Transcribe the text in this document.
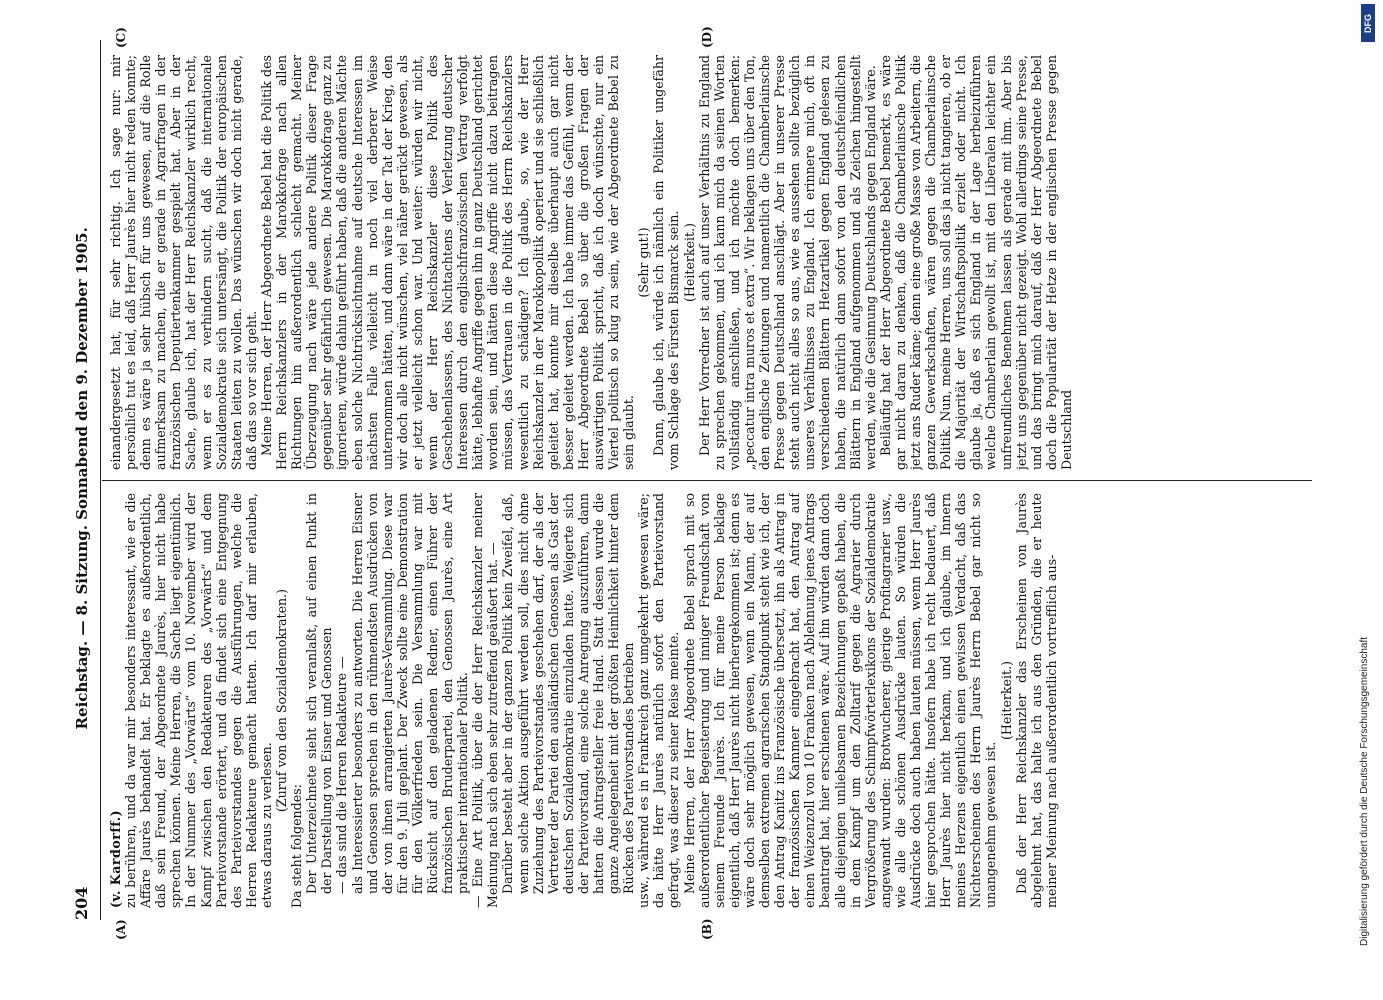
204
Reichstag. — 8. Sitzung. Sonnabend den 9. Dezember 1905.
(A)	(B)
(C)	(D)

(v. Kardorff.) zu berühren, und da war mir besonders interessant, wie er die Affäre Jaurès behandelt hat. Er beklagte es außerordentlich, daß sein Freund, der Abgeordnete Jaurès, hier nicht habe sprechen können. Meine Herren, die Sache liegt eigentümlich. In der Nummer des „Vorwärts“ vom 10. November wird der Kampf zwischen den Redakteuren des „Vorwärts“ und dem Parteivorstande erörtert, und da findet sich eine Entgegnung des Parteivorstandes gegen die Ausführungen, welche die Herren Redakteure gemacht hatten. Ich darf mir erlauben, etwas daraus zu verlesen.

(Zuruf von den Sozialdemokraten.)

Da steht folgendes: Der Unterzeichnete sieht sich veranlaßt, auf einen Punkt in der Darstellung von Eisner und Genossen — das sind die Herren Redakteure — als Interessierter besonders zu antworten. Die Herren Eisner und Genossen sprechen in den rühmendsten Ausdrücken von der von ihnen arrangierten Jaurès-Versammlung. Diese war für den 9. Juli geplant. Der Zweck sollte eine Demonstration für den Völkerfrieden sein. Die Versammlung war mit Rücksicht auf den geladenen Redner, einen Führer der französischen Bruderpartei, den Genossen Jaurès, eine Art praktischer internationaler Politik. — Eine Art Politik, über die der Herr Reichskanzler meiner Meinung nach sich eben sehr zutreffend geäußert hat. — Darüber besteht aber in der ganzen Politik kein Zweifel, daß, wenn solche Aktion ausgeführt werden soll, dies nicht ohne Zuziehung des Parteivorstandes geschehen darf, der als der Vertreter der Partei den ausländischen Genossen als Gast der deutschen Sozialdemokratie einzuladen hatte. Weigerte sich der Parteivorstand, eine solche Anregung auszuführen, dann hatten die Antragsteller freie Hand. Statt dessen wurde die ganze Angelegenheit mit der größten Heimlichkeit hinter dem Rücken des Parteivorstandes betrieben usw., während es in Frankreich ganz umgekehrt gewesen wäre; da hätte Herr Jaurès natürlich sofort den Parteivorstand gefragt, was dieser zu seiner Reise meinte. Meine Herren, der Herr Abgeordnete Bebel sprach mit so außerordentlicher Begeisterung und inniger Freundschaft von seinem Freunde Jaurès. Ich für meine Person beklage eigentlich, daß Herr Jaurès nicht hierhergekommen ist; denn es wäre doch sehr möglich gewesen, wenn ein Mann, der auf demselben extremen agrarischen Standpunkt steht wie ich, der den Antrag Kanitz ins Französische übersetzt, ihn als Antrag in der französischen Kammer eingebracht hat, den Antrag auf einen Weizenzoll von 10 Franken nach Ablehnung jenes Antrags beantragt hat, hier erschienen wäre. Auf ihn würden dann doch alle diejenigen unliebsamen Bezeichnungen gepaßt haben, die in dem Kampf um den Zolltarif gegen die Agrarier durch Vergrößerung des Schimpfwörterlexikons der Sozialdemokratie angewandt wurden: Brotwucherer, gierige Profitagrarier usw., wie alle die schönen Ausdrücke lauten. So würden die Ausdrücke doch auch haben lauten müssen, wenn Herr Jaurès hier gesprochen hätte. Insofern habe ich recht bedauert, daß Herr Jaurès hier nicht herkam, und ich glaube, im Innern meines Herzens eigentlich einen gewissen Verdacht, daß das Nichterscheinen des Herrn Jaurès Herrn Bebel gar nicht so unangenehm gewesen ist.

(Heiterkeit.) Daß der Herr Reichskanzler das Erscheinen von Jaurès abgelehnt hat, das halte ich aus den Gründen, die er heute meiner Meinung nach außerordentlich vortrefflich aus-

einandergesetzt hat, für sehr richtig. Ich sage nur: mir persönlich tut es leid, daß Herr Jaurès hier nicht reden konnte; denn es wäre ja sehr hübsch für uns gewesen, auf die Rolle aufmerksam zu machen, die er gerade in Agrarfragen in der französischen Deputiertenkammer gespielt hat. Aber in der Sache, glaube ich, hat der Herr Reichskanzler wirklich recht, wenn er es zu verhindern sucht, daß die internationale Sozialdemokratie sich untersängt, die Politik der europäischen Staaten leiten zu wollen. Das wünschen wir doch nicht gerade, daß das so vor sich geht. Meine Herren, der Herr Abgeordnete Bebel hat die Politik des Herrn Reichskanzlers in der Marokkofrage nach allen Richtungen hin außerordentlich schlecht gemacht. Meiner Überzeugung nach wäre jede andere Politik dieser Frage gegenüber sehr gefährlich gewesen. Die Marokkofrage ganz zu ignorieren, würde dahin geführt haben, daß die anderen Mächte eben solche Nichtrücksichtnahme auf deutsche Interessen im nächsten Falle vielleicht in noch viel derberer Weise unternommen hätten, und dann wäre in der Tat der Krieg, den wir doch alle nicht wünschen, viel näher gerückt gewesen, als er jetzt vielleicht schon war. Und weiter: würden wir nicht, wenn der Herr Reichskanzler diese Politik des Geschehenlassens, des Nichtachtens der Verletzung deutscher Interessen durch den englischfranzösischen Vertrag verfolgt hätte, lebhafte Angriffe gegen ihn in ganz Deutschland gerichtet worden sein, und hätten diese Angriffe nicht dazu beitragen müssen, das Vertrauen in die Politik des Herrn Reichskanzlers wesentlich zu schädigen? Ich glaube, so, wie der Herr Reichskanzler in der Marokkopolitik operiert und sie schließlich geleitet hat, konnte mir dieselbe überhaupt auch gar nicht besser geleitet werden. Ich habe immer das Gefühl, wenn der Herr Abgeordnete Bebel so über die großen Fragen der auswärtigen Politik spricht, daß ich doch wünschte, nur ein Viertel politisch so klug zu sein, wie der Abgeordnete Bebel zu sein glaubt.

(Sehr gut!) Dann, glaube ich, würde ich nämlich ein Politiker ungefähr vom Schlage des Fürsten Bismarck sein. (Heiterkeit.) Der Herr Vorredner ist auch auf unser Verhältnis zu England zu sprechen gekommen, und ich kann mich da seinen Worten vollständig anschließen, und ich möchte doch bemerken: „peccatur intra muros et extra“. Wir beklagen uns über den Ton, den englische Zeitungen und namentlich die Chamberlainsche Presse gegen Deutschland anschlägt. Aber in unserer Presse steht auch nicht alles so aus, wie es aussehen sollte bezüglich unseres Verhältnisses zu England. Ich erinnere mich, oft in verschiedenen Blättern Hetzartikel gegen England gelesen zu haben, die natürlich dann sofort von den deutschfeindlichen Blättern in England aufgenommen und als Zeichen hingestellt werden, wie die Gesinnung Deutschlands gegen England wäre. Beiläufig hat der Herr Abgeordnete Bebel bemerkt, es wäre gar nicht daran zu denken, daß die Chamberlainsche Politik jetzt ans Ruder käme; denn eine große Masse von Arbeitern, die ganzen Gewerkschaften, wären gegen die Chamberlainsche Politik. Nun, meine Herren, uns soll das ja nicht tangieren, ob er die Majorität der Wirtschaftspolitik erzielt oder nicht. Ich glaube ja, daß es sich England in der Lage herbeizuführen welche Chamberlain gewollt ist, mit den Liberalen leichter ein unfreundliches Benehmen lassen als gerade mit ihm. Aber bis jetzt uns gegenüber nicht gezeigt. Wohl allerdings seine Presse, und das bringt mich darauf, daß der Herr Abgeordnete Bebel doch die Popularität der Hetze in der englischen Presse gegen Deutschland

DFG
Digitalisierung gefördert durch die Deutsche Forschungsgemeinschaft
